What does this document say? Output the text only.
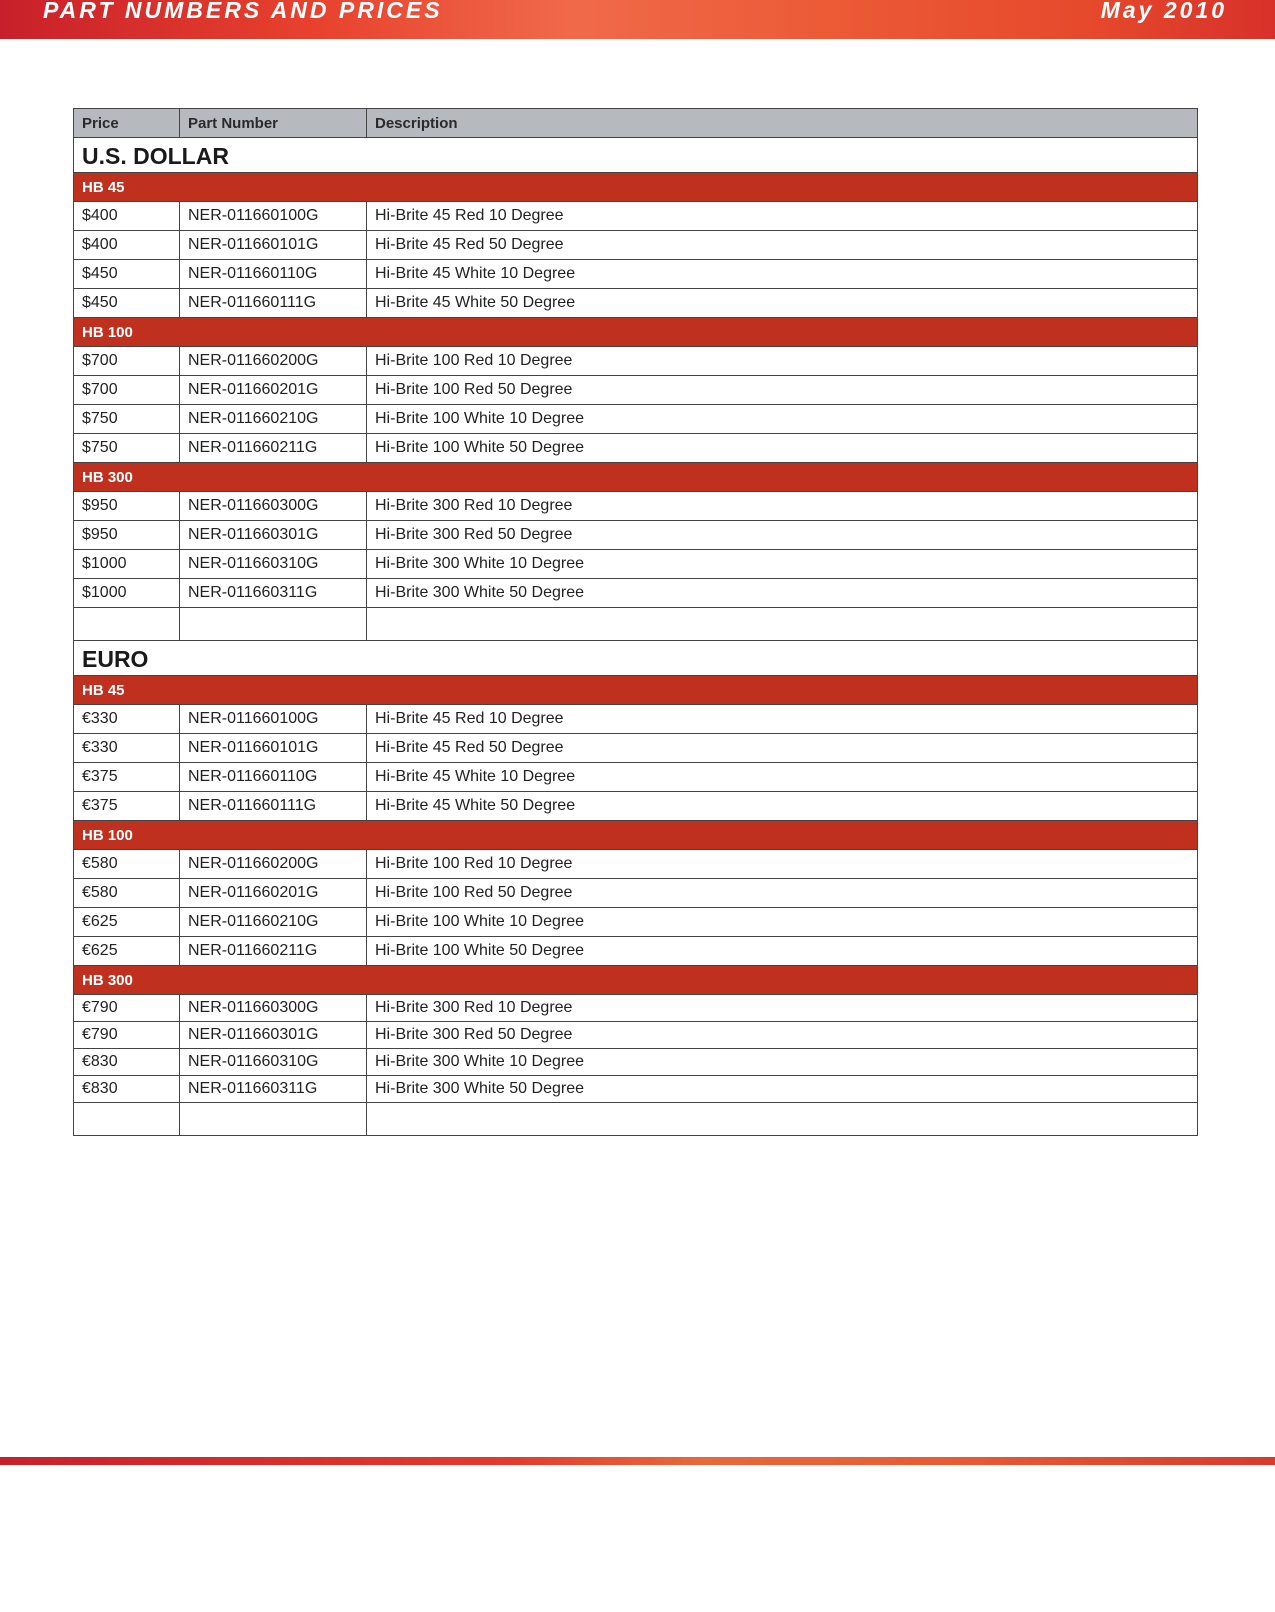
PART NUMBERS AND PRICES	May 2010
Price	Part Number	Description
U.S. DOLLAR		
HB 45		
$400	NER-011660100G	Hi-Brite 45 Red 10 Degree
$400	NER-011660101G	Hi-Brite 45 Red 50 Degree
$450	NER-011660110G	Hi-Brite 45 White 10 Degree
$450	NER-011660111G	Hi-Brite 45 White 50 Degree
HB 100		
$700	NER-011660200G	Hi-Brite 100 Red 10 Degree
$700	NER-011660201G	Hi-Brite 100 Red 50 Degree
$750	NER-011660210G	Hi-Brite 100 White 10 Degree
$750	NER-011660211G	Hi-Brite 100 White 50 Degree
HB 300		
$950	NER-011660300G	Hi-Brite 300 Red 10 Degree
$950	NER-011660301G	Hi-Brite 300 Red 50 Degree
$1000	NER-011660310G	Hi-Brite 300 White 10 Degree
$1000	NER-011660311G	Hi-Brite 300 White 50 Degree

EURO		
HB 45		
€330	NER-011660100G	Hi-Brite 45 Red 10 Degree
€330	NER-011660101G	Hi-Brite 45 Red 50 Degree
€375	NER-011660110G	Hi-Brite 45 White 10 Degree
€375	NER-011660111G	Hi-Brite 45 White 50 Degree
HB 100		
€580	NER-011660200G	Hi-Brite 100 Red 10 Degree
€580	NER-011660201G	Hi-Brite 100 Red 50 Degree
€625	NER-011660210G	Hi-Brite 100 White 10 Degree
€625	NER-011660211G	Hi-Brite 100 White 50 Degree
HB 300		
€790	NER-011660300G	Hi-Brite 300 Red 10 Degree
€790	NER-011660301G	Hi-Brite 300 Red 50 Degree
€830	NER-011660310G	Hi-Brite 300 White 10 Degree
€830	NER-011660311G	Hi-Brite 300 White 50 Degree
